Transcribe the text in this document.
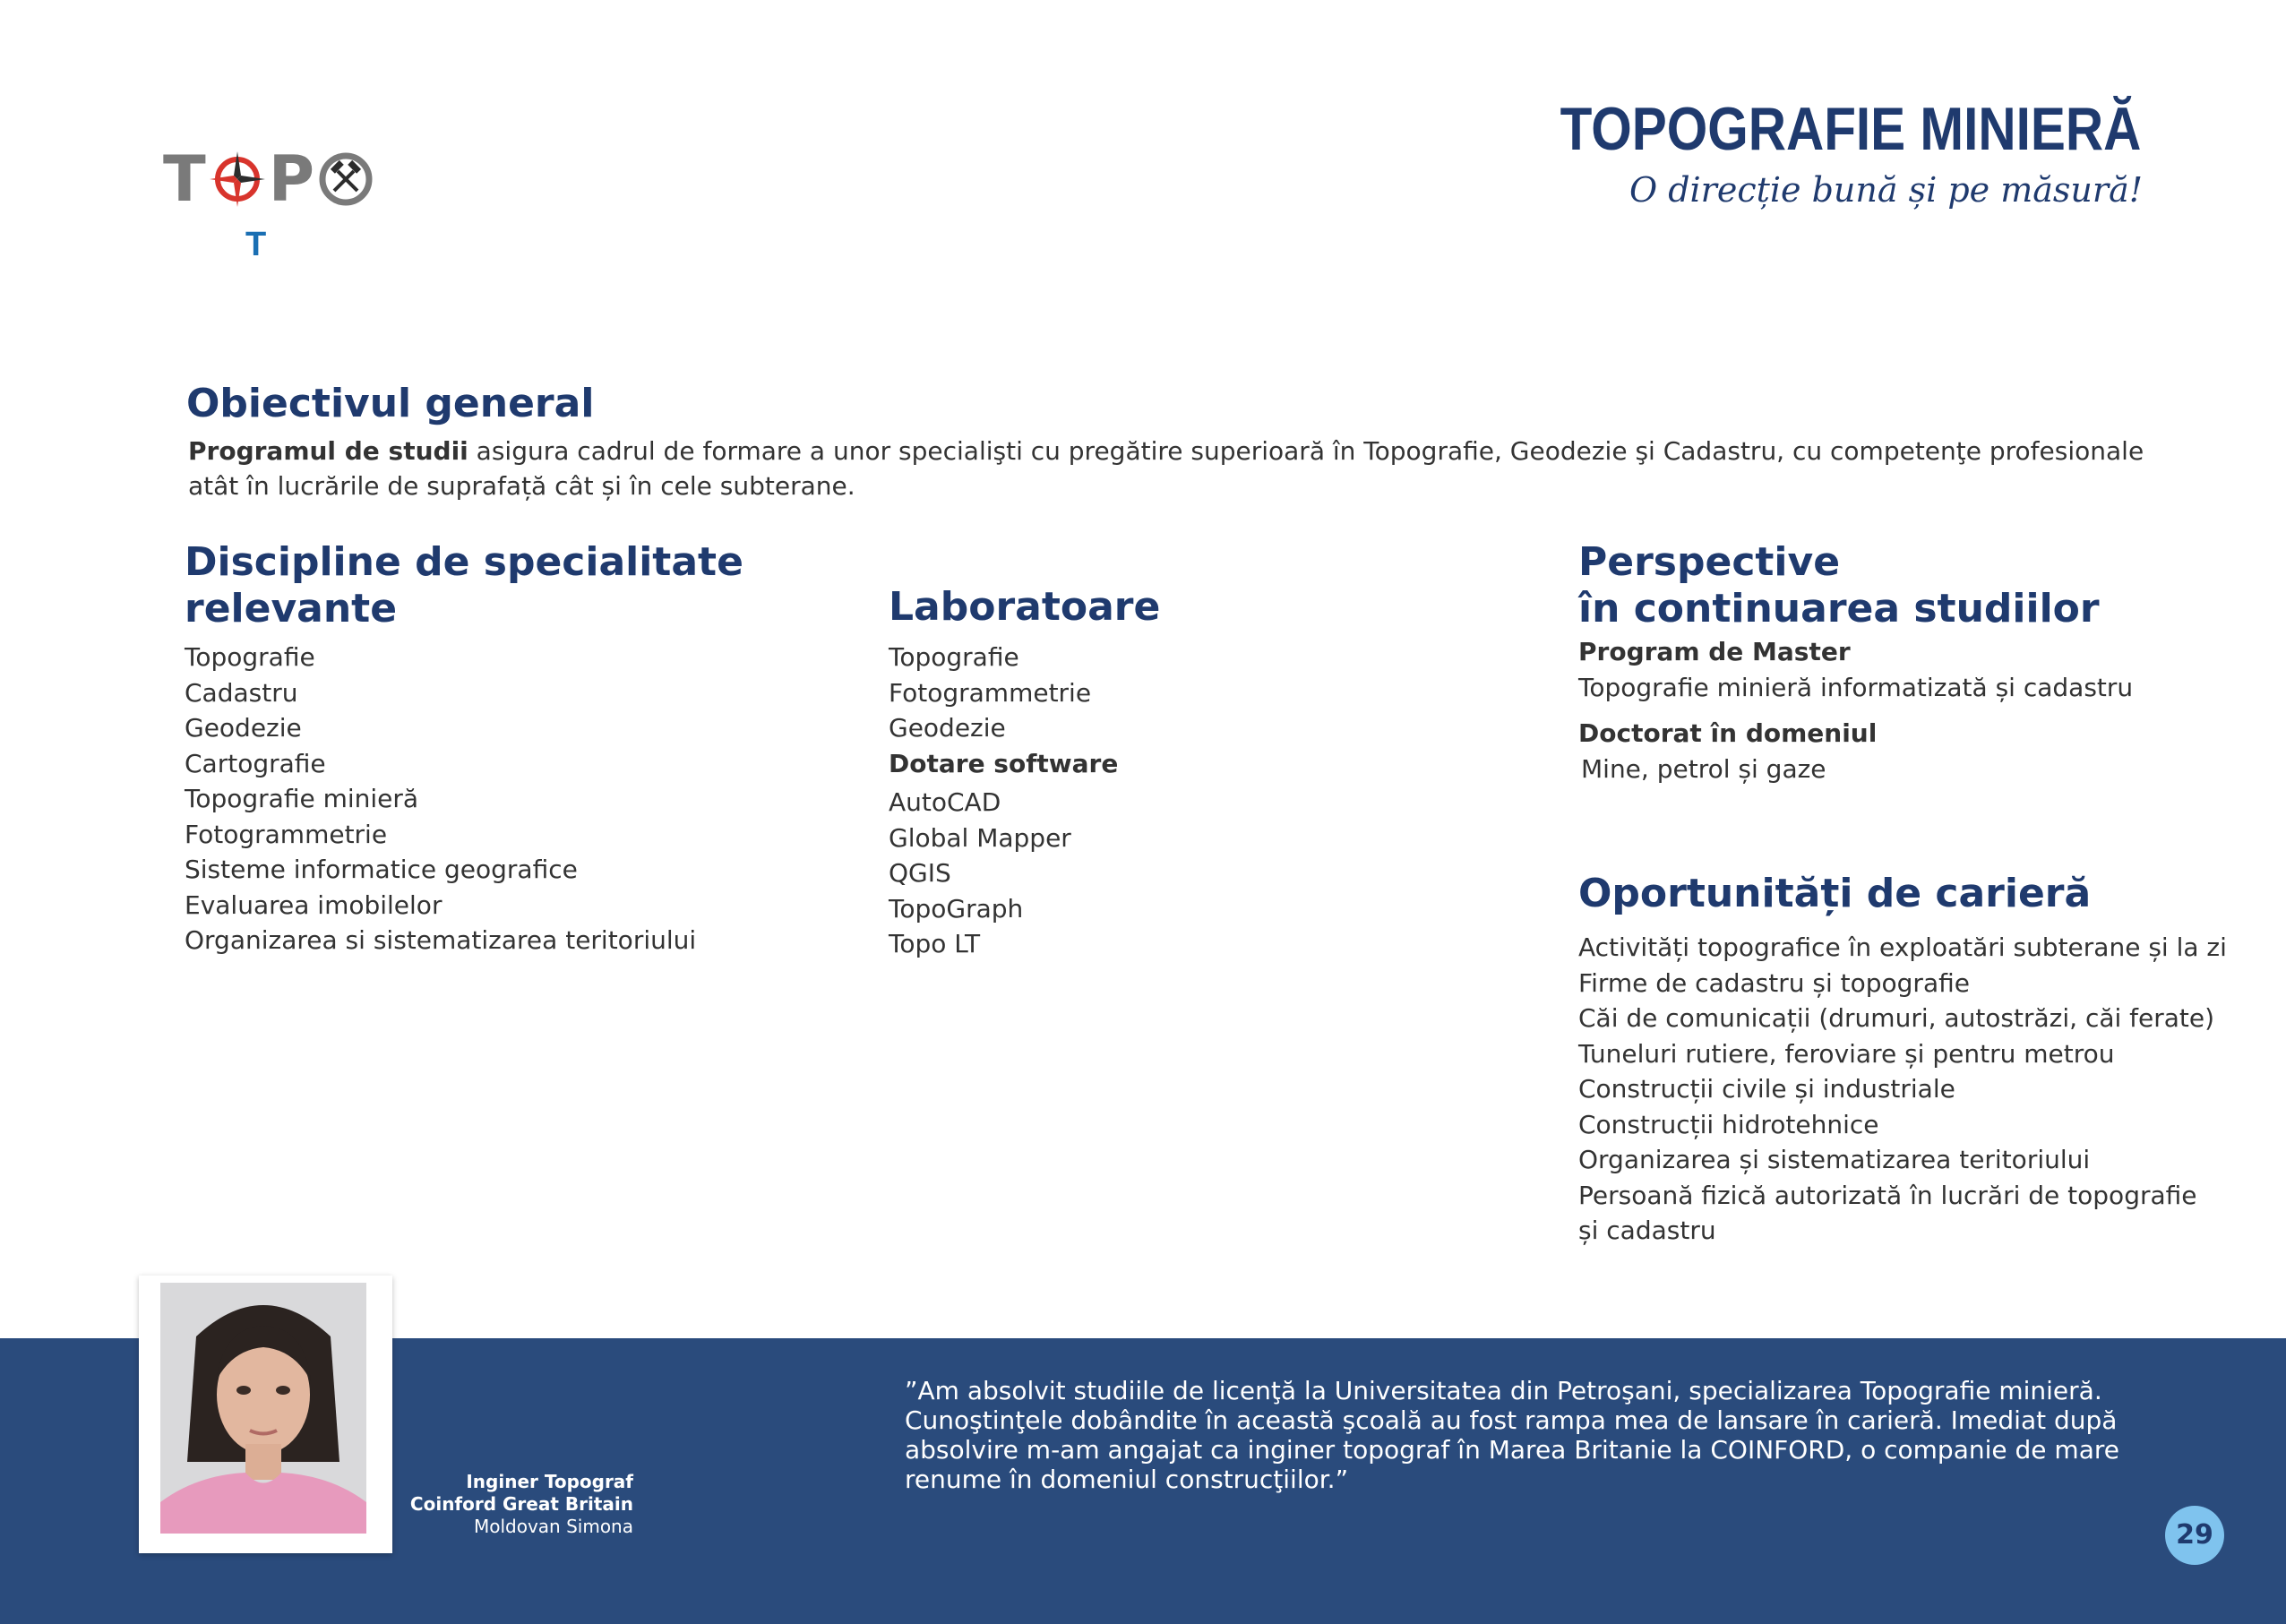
T P
T
TOPOGRAFIE MINIERĂ
O direcție bună și pe măsură!
Obiectivul general

Programul de studii asigura cadrul de formare a unor specialişti cu pregătire superioară în Topografie, Geodezie şi Cadastru, cu competenţe profesionale atât în lucrările de suprafață cât și în cele subterane.

Discipline de specialitate
relevante
Topografie
Cadastru
Geodezie
Cartografie
Topografie minieră
Fotogrammetrie
Sisteme informatice geografice
Evaluarea imobilelor
Organizarea si sistematizarea teritoriului
Laboratoare
Topografie
Fotogrammetrie
Geodezie
Dotare software
AutoCAD
Global Mapper
QGIS
TopoGraph
Topo LT
Perspective
în continuarea studiilor
Program de Master
Topografie minieră informatizată și cadastru
Doctorat în domeniul
Mine, petrol și gaze
Oportunități de carieră
Activități topografice în exploatări subterane și la zi
Firme de cadastru și topografie
Căi de comunicații (drumuri, autostrăzi, căi ferate)
Tuneluri rutiere, feroviare și pentru metrou
Construcții civile și industriale
Construcții hidrotehnice
Organizarea și sistematizarea teritoriului
Persoană fizică autorizată în lucrări de topografie și cadastru
Inginer Topograf
Coinford Great Britain
Moldovan Simona

”Am absolvit studiile de licenţă la Universitatea din Petroşani, specializarea Topografie minieră. Cunoştinţele dobândite în această şcoală au fost rampa mea de lansare în carieră. Imediat după absolvire m-am angajat ca inginer topograf în Marea Britanie la COINFORD, o companie de mare renume în domeniul construcţiilor.”

29
